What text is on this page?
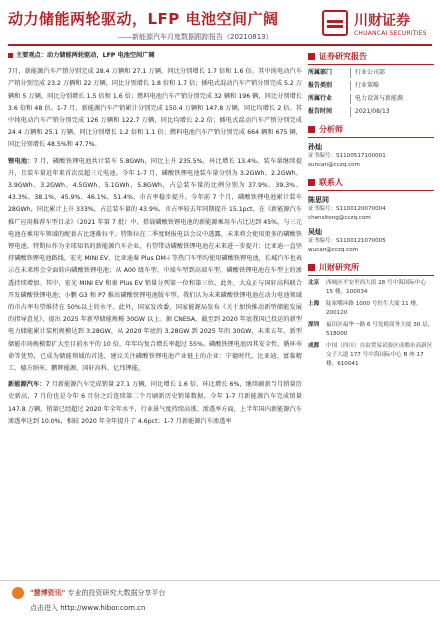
动力储能两轮驱动，LFP 电池空间广阔
——新能源汽车月度数据跟踪报告（20210813）
川财证券
CHUANCAI SECURITIES

主要观点：动力储能两轮驱动，LFP 电池空间广阔

7月，新能源汽车产销分别完成 28.4 万辆和 27.1 万辆，同比分别增长 1.7 倍和 1.6 倍。其中纯电动汽车产销分别完成 23.2 万辆和 22 万辆，同比分别增长 1.8 倍和 1.7 倍；插电式混动汽车产销分别完成 5.2 万辆和 5 万辆，同比分别增长 1.5 倍和 1.6 倍；燃料电池汽车产销分别完成 32 辆和 196 辆，同比分别增长 3.6 倍和 48 倍。1-7 月，新能源汽车产销累计分别完成 150.4 万辆和 147.8 万辆，同比均增长 2 倍。其中纯电动汽车产销分别完成 126 万辆和 122.7 万辆，同比均增长 2.2 倍；插电式混动汽车产销分别完成 24.4 万辆和 25.1 万辆，同比分别增长 1.2 倍和 1.1 倍；燃料电池汽车产销分别完成 664 辆和 675 辆，同比分别增长 48.5%和 47.7%。

锂电池：7 月，磷酸铁锂电池共计装车 5.8GWh，同比上升 235.5%，环比增长 13.4%，装车量继续提升，且装车量近年来首次反超三元电池。今年 1-7 月，磷酸铁锂电池装车量分别为 3.2GWh、2.2GWh、3.9GWh、3.2GWh、4.5GWh、5.1GWh、5.8GWh，占总装车量的比例分别为 37.9%、39.3%、43.3%、38.1%、45.9%、46.1%、51.4%，市占率稳步提升。今年前 7 个月，磷酸铁锂电池累计装车 28GWh，同比累计上升 333%，占总装车量的 43.9%，市占率较去年同期提升 15.1pct。在《新能源汽车推广应用推荐车型目录》（2021 年第 7 批）中，搭载磷酸铁锂电池的新能源乘用车占比达到 45%，与三元电池在乘用车领域的配套占比逐渐拉平。特斯拉在二季度财报电话会议中透露，未来将会使用更多的磷酸铁锂电池。特斯拉作为全球知名的新能源汽车企业，有望带动磷酸铁锂电池在未来进一步提升；比亚迪一直坚持磷酸铁锂电池路线，宏光 MINI EV、比亚迪秦 Plus DM-i 等热门车型均使用磷酸铁锂电池，长城汽车也表示在未来将会全面转向磷酸铁锂电池；从 A00 级车型、中端车型到高端车型，磷酸铁锂电池在车型上的渗透持续增加。其中，宏光 MINI EV 和秦 Plus EV 销量分列第一位和第三位。此外，大众正与国轩高科联合开发磷酸铁锂电池；小鹏 G3 和 P7 推出磷酸铁锂电池版车型。我们认为未来磷酸铁锂电池在动力电池领域的市占率有望维持在 50%以上的水平。此外，国家发改委、国家能源局发布《关于加快推动新型储能发展的指导意见》，提出 2025 年新型储能规模 30GW 以上。据 CNESA，截至到 2020 年底我国已投运的新型电力储能累计装机规模达到 3.28GW，从 2020 年底的 3.28GW 到 2025 年的 30GW，未来五年，新型储能市场规模要扩大至目前水平的 10 倍，年年均复合增长率超过 55%。磷酸铁锂电池因其安全性、循环寿命等优势，已成为储能领域的首选，建议关注磷酸铁锂电池产业链上的企业：宁德时代、比亚迪、富临精工、德方纳米、鹏辉能源、国轩高科、亿纬锂能。

新能源汽车：7 月新能源汽车完成销量 27.1 万辆，同比增长 1.6 倍，环比增长 6%，继续刷新当月销量历史新高，7 月份也是今年 6 月份之后连续第二个月刷新历史销量数据。今年 1-7 月新能源汽车完成销量 147.8 万辆，销量已经超过 2020 年全年水平，行业景气度持续高涨。渗透率方面，上半年国内新能源汽车渗透率达到 10.0%，相较 2020 年全年提升了 4.6pct；1-7 月新能源汽车渗透率

证券研究报告
所属部门	行业公司部
报告类别	行业策略
所属行业	电力设备与新能源
报告时间	2021/08/13
分析师
孙灿
证书编号：S1100517100001
suncan@cczq.com
联系人
陈思同
证书编号：S1100120070004
chensitong@cczq.com
吴灿
证书编号：S1100121070005
wucan@cczq.com
川财研究所
北京	西城区平安里西大街 28 号中海国际中心 15 楼，100034
上海	陆家嘴环路 1000 号恒生大厦 11 楼，200120
深圳	福田区福华一路 6 号免税商务大厦 30 层，518000
成都	中国（四川）自由贸易试验区成都市高新区交子大道 177 号中海国际中心 B 座 17 楼，610041
"慧博资讯" 专业的投资研究大数据分享平台
点击进入 http://www.hibor.com.cn
